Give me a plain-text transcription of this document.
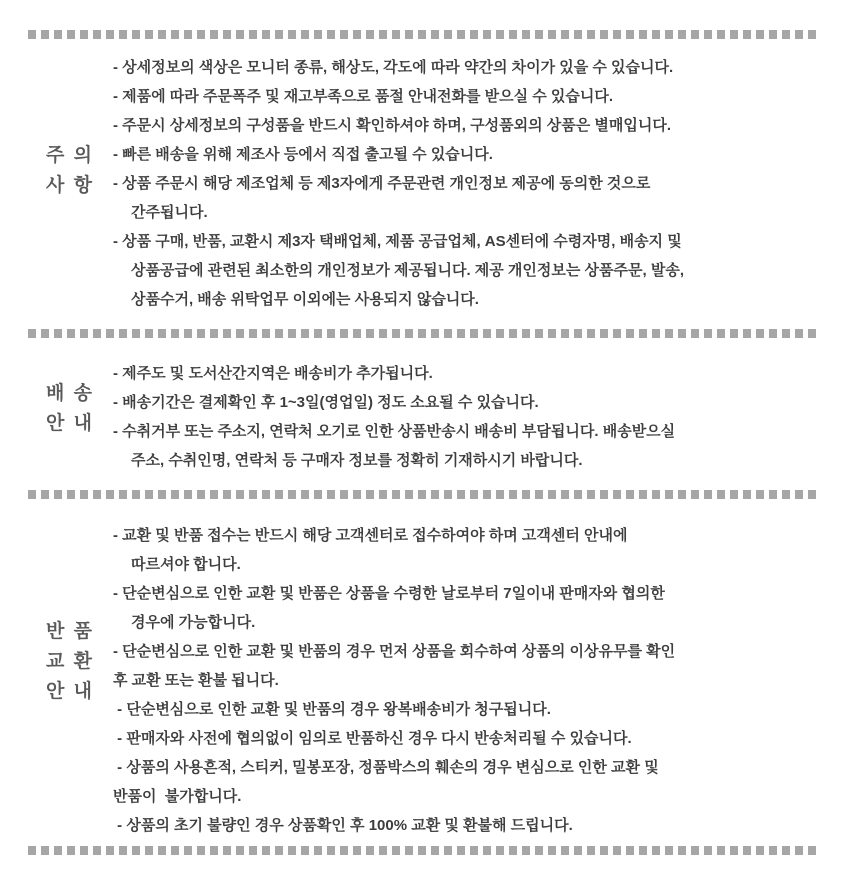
주 의
사 항
- 상세정보의 색상은 모니터 종류, 해상도, 각도에 따라 약간의 차이가 있을 수 있습니다.
- 제품에 따라 주문폭주 및 재고부족으로 품절 안내전화를 받으실 수 있습니다.
- 주문시 상세정보의 구성품을 반드시 확인하셔야 하며, 구성품외의 상품은 별매입니다.
- 빠른 배송을 위해 제조사 등에서 직접 출고될 수 있습니다.
- 상품 주문시 해당 제조업체 등 제3자에게 주문관련 개인정보 제공에 동의한 것으로
간주됩니다.
- 상품 구매, 반품, 교환시 제3자 택배업체, 제품 공급업체, AS센터에 수령자명, 배송지 및
상품공급에 관련된 최소한의 개인정보가 제공됩니다. 제공 개인정보는 상품주문, 발송,
상품수거, 배송 위탁업무 이외에는 사용되지 않습니다.
배 송
안 내
- 제주도 및 도서산간지역은 배송비가 추가됩니다.
- 배송기간은 결제확인 후 1~3일(영업일) 정도 소요될 수 있습니다.
- 수취거부 또는 주소지, 연락처 오기로 인한 상품반송시 배송비 부담됩니다. 배송받으실
주소, 수취인명, 연락처 등 구매자 정보를 정확히 기재하시기 바랍니다.
반 품
교 환
안 내
- 교환 및 반품 접수는 반드시 해당 고객센터로 접수하여야 하며 고객센터 안내에
따르셔야 합니다.
- 단순변심으로 인한 교환 및 반품은 상품을 수령한 날로부터 7일이내 판매자와 협의한
경우에 가능합니다.
- 단순변심으로 인한 교환 및 반품의 경우 먼저 상품을 회수하여 상품의 이상유무를 확인
후 교환 또는 환불 됩니다.
- 단순변심으로 인한 교환 및 반품의 경우 왕복배송비가 청구됩니다.
- 판매자와 사전에 협의없이 임의로 반품하신 경우 다시 반송처리될 수 있습니다.
- 상품의 사용흔적, 스티커, 밀봉포장, 정품박스의 훼손의 경우 변심으로 인한 교환 및
반품이  불가합니다.
- 상품의 초기 불량인 경우 상품확인 후 100% 교환 및 환불해 드립니다.
